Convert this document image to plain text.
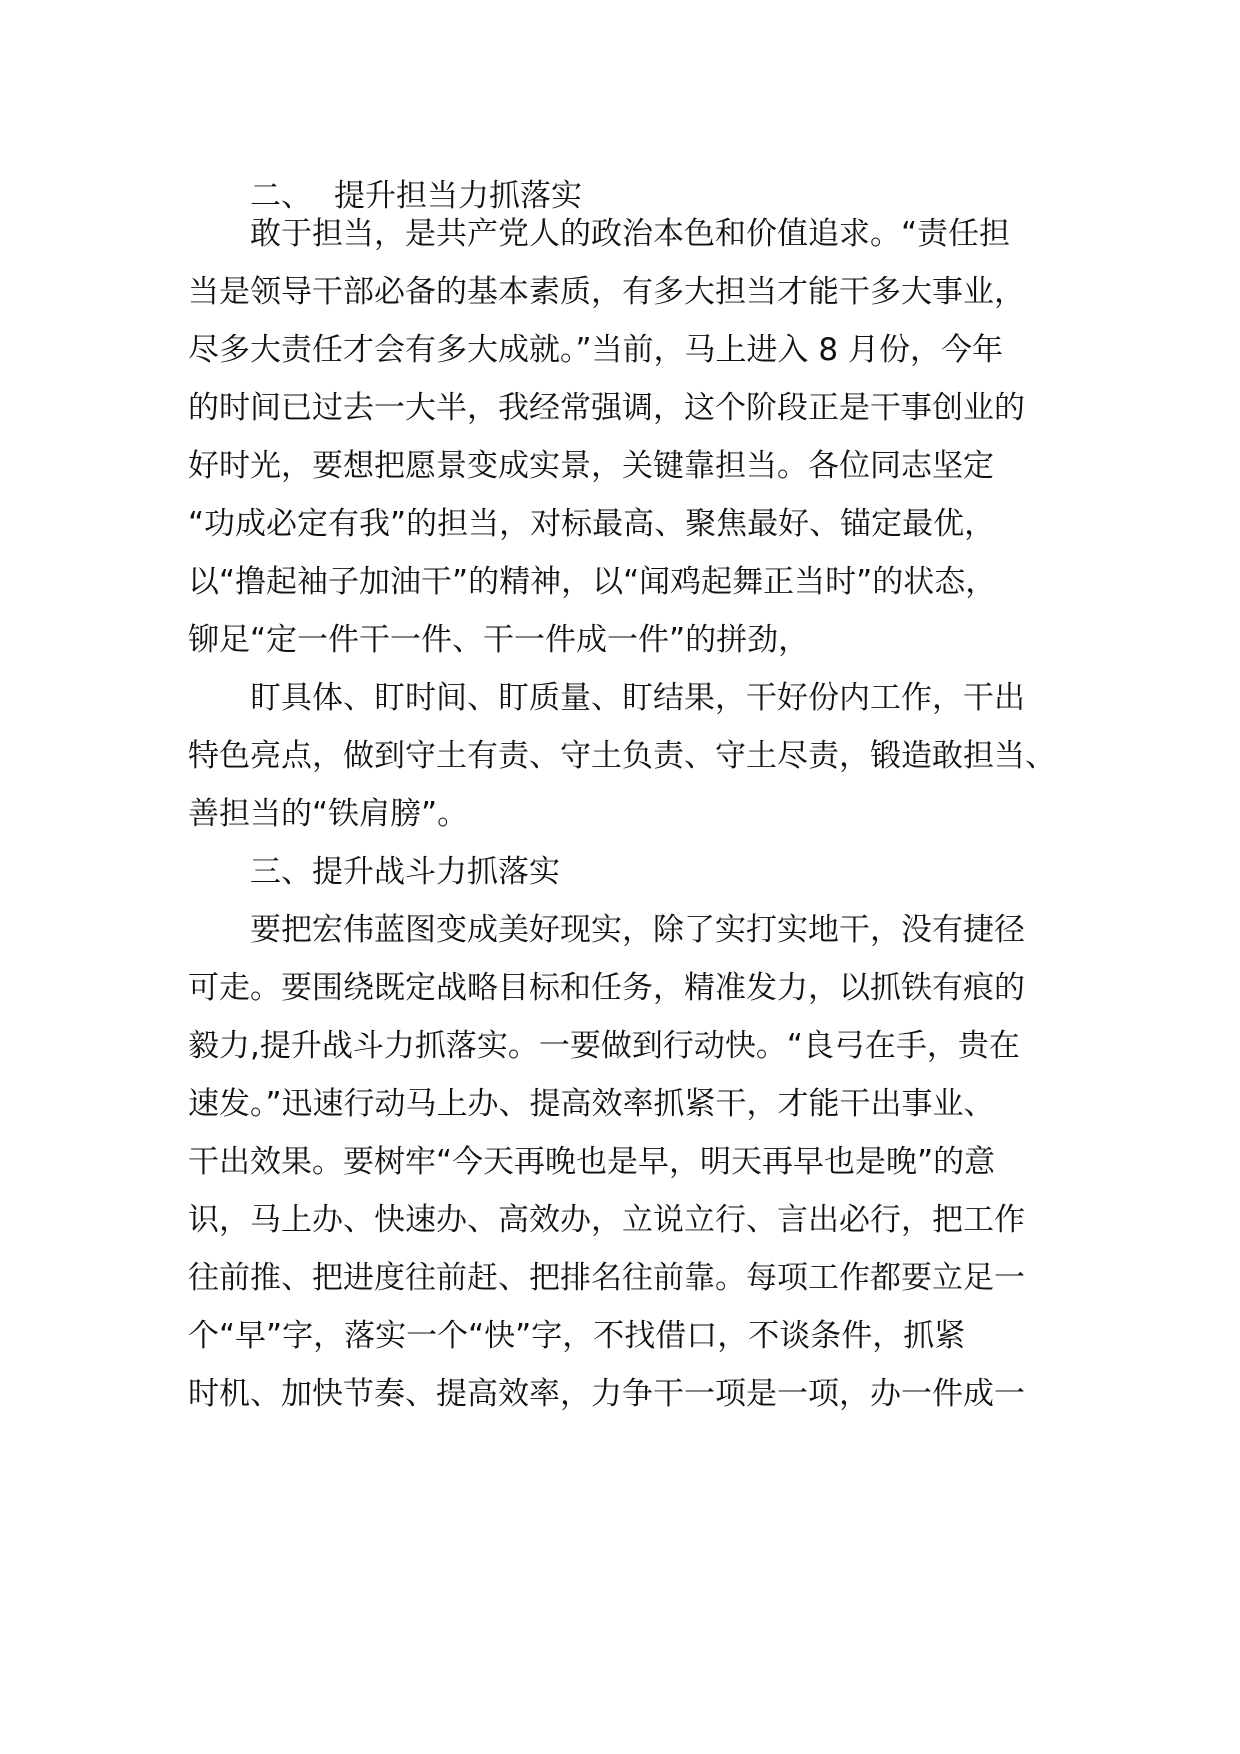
二、 提升担当力抓落实
敢于担当，是共产党人的政治本色和价值追求。“责任担
当是领导干部必备的基本素质，有多大担当才能干多大事业，
尽多大责任才会有多大成就。”当前，马上进入 8 月份，今年
的时间已过去一大半，我经常强调，这个阶段正是干事创业的
好时光，要想把愿景变成实景，关键靠担当。各位同志坚定
“功成必定有我”的担当，对标最高、聚焦最好、锚定最优，
以“撸起袖子加油干”的精神，以“闻鸡起舞正当时”的状态，
铆足“定一件干一件、干一件成一件”的拼劲，
盯具体、盯时间、盯质量、盯结果，干好份内工作，干出
特色亮点，做到守土有责、守土负责、守土尽责，锻造敢担当、
善担当的“铁肩膀”。
三、提升战斗力抓落实
要把宏伟蓝图变成美好现实，除了实打实地干，没有捷径
可走。要围绕既定战略目标和任务，精准发力，以抓铁有痕的
毅力,提升战斗力抓落实。一要做到行动快。“良弓在手，贵在
速发。”迅速行动马上办、提高效率抓紧干，才能干出事业、
干出效果。要树牢“今天再晚也是早，明天再早也是晚”的意
识，马上办、快速办、高效办，立说立行、言出必行，把工作
往前推、把进度往前赶、把排名往前靠。每项工作都要立足一
个“早”字，落实一个“快”字，不找借口，不谈条件，抓紧
时机、加快节奏、提高效率，力争干一项是一项，办一件成一
